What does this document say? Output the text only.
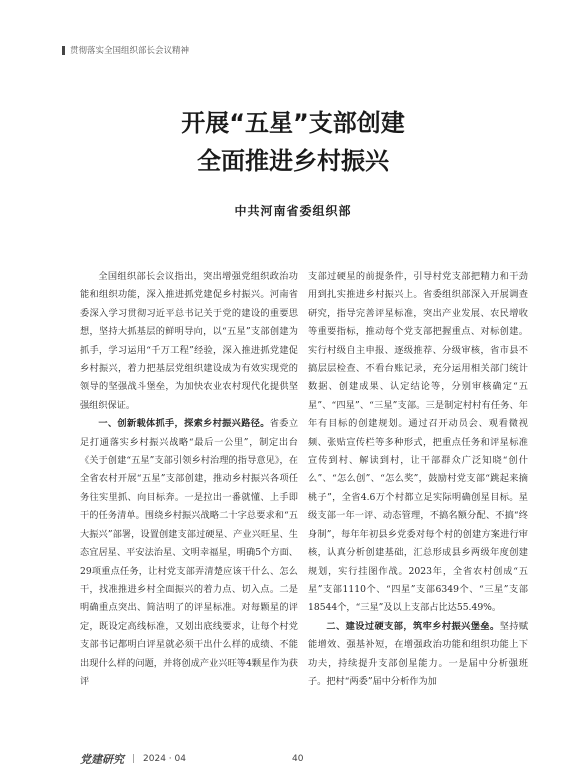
贯彻落实全国组织部长会议精神
开展“五星”支部创建
全面推进乡村振兴
中共河南省委组织部

全国组织部长会议指出，突出增强党组织政治功能和组织功能，深入推进抓党建促乡村振兴。河南省委深入学习贯彻习近平总书记关于党的建设的重要思想，坚持大抓基层的鲜明导向，以“五星”支部创建为抓手，学习运用“千万工程”经验，深入推进抓党建促乡村振兴，着力把基层党组织建设成为有效实现党的领导的坚强战斗堡垒，为加快农业农村现代化提供坚强组织保证。

一、创新载体抓手，探索乡村振兴路径。省委立足打通落实乡村振兴战略“最后一公里”，制定出台《关于创建“五星”支部引领乡村治理的指导意见》，在全省农村开展“五星”支部创建，推动乡村振兴各项任务往实里抓、向目标奔。一是拉出一番就懂、上手即干的任务清单。围绕乡村振兴战略二十字总要求和“五大振兴”部署，设置创建支部过硬星、产业兴旺星、生态宜居星、平安法治星、文明幸福星，明确5个方面、29项重点任务，让村党支部弄清楚应该干什么、怎么干，找准推进乡村全面振兴的着力点、切入点。二是明确重点突出、简洁明了的评星标准。对每颗星的评定，既设定高线标准，又划出底线要求，让每个村党支部书记都明白评星就必须干出什么样的成绩、不能出现什么样的问题，并将创成产业兴旺等4颗星作为获评

支部过硬星的前提条件，引导村党支部把精力和干劲用到扎实推进乡村振兴上。省委组织部深入开展调查研究，指导完善评星标准，突出产业发展、农民增收等重要指标，推动每个党支部把握重点、对标创建。实行村级自主申报、逐级推荐、分级审核，省市县不搞层层检查、不看台账记录，充分运用相关部门统计数据、创建成果、认定结论等，分别审核确定“五星”、“四星”、“三星”支部。三是制定村村有任务、年年有目标的创建规划。通过召开动员会、观看微视频、张贴宣传栏等多种形式，把重点任务和评星标准宣传到村、解读到村，让干部群众广泛知晓“创什么”、“怎么创”、“怎么奖”，鼓励村党支部“跳起来摘桃子”，全省4.6万个村都立足实际明确创星目标。星级支部一年一评、动态管理，不搞名额分配、不搞“终身制”，每年年初县乡党委对每个村的创建方案进行审核，认真分析创建基础，汇总形成县乡两级年度创建规划，实行挂图作战。2023年，全省农村创成“五星”支部1110个、“四星”支部6349个、“三星”支部18544个，“三星”及以上支部占比达55.49%。

二、建设过硬支部，筑牢乡村振兴堡垒。坚持赋能增效、强基补短，在增强政治功能和组织功能上下功夫，持续提升支部创星能力。一是届中分析强班子。把村“两委”届中分析作为加

党建研究 | 2024 · 04	40
